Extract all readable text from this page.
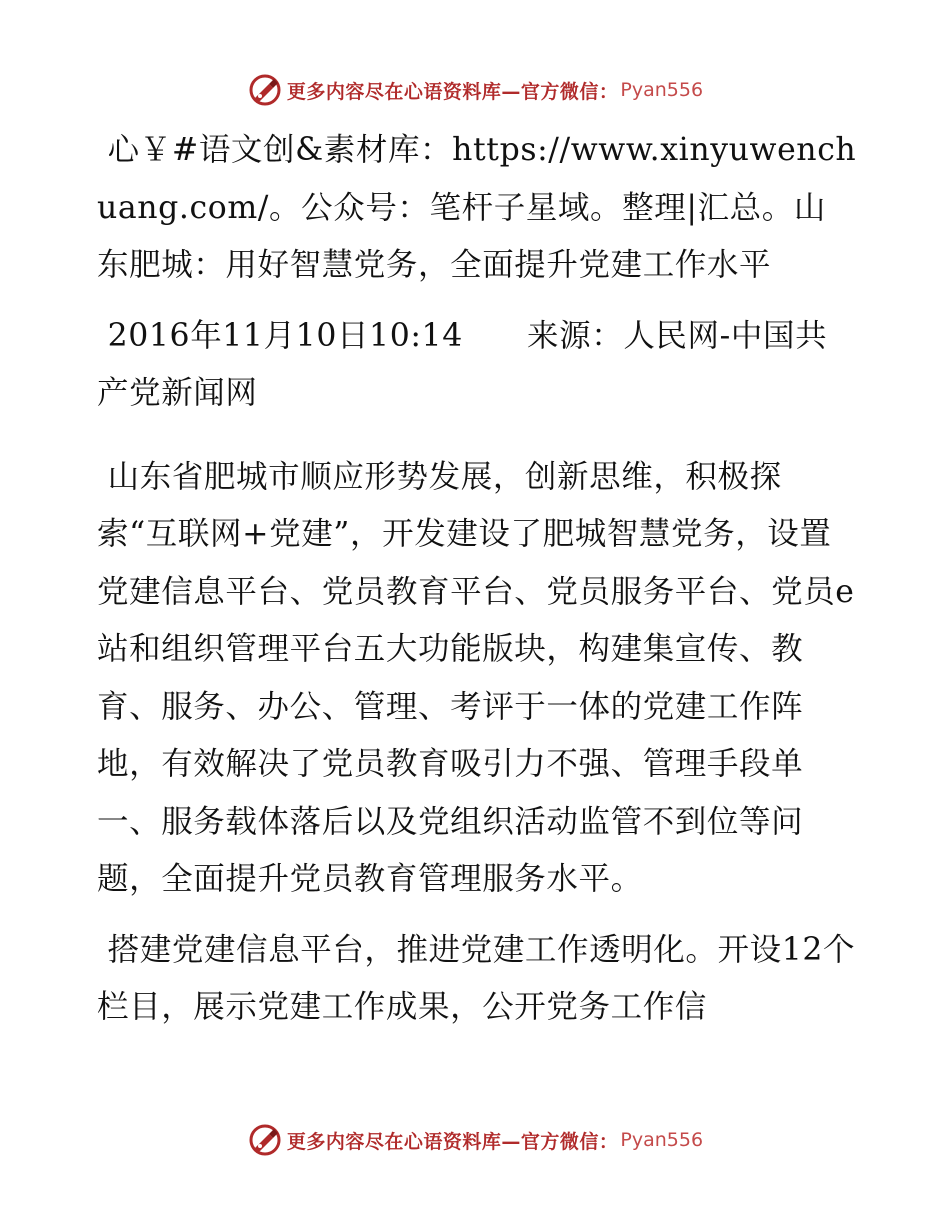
更多内容尽在心语资料库—官方微信： Pyan556

心￥#语文创&素材库：https://www.xinyuwenchuang.com/。公众号：笔杆子星域。整理|汇总。山东肥城：用好智慧党务，全面提升党建工作水平

2016年11月10日10:14　　来源：人民网-中国共产党新闻网

山东省肥城市顺应形势发展，创新思维，积极探索“互联网+党建”，开发建设了肥城智慧党务，设置党建信息平台、党员教育平台、党员服务平台、党员e站和组织管理平台五大功能版块，构建集宣传、教育、服务、办公、管理、考评于一体的党建工作阵地，有效解决了党员教育吸引力不强、管理手段单一、服务载体落后以及党组织活动监管不到位等问题，全面提升党员教育管理服务水平。

搭建党建信息平台，推进党建工作透明化。开设12个栏目，展示党建工作成果，公开党务工作信

更多内容尽在心语资料库—官方微信： Pyan556
